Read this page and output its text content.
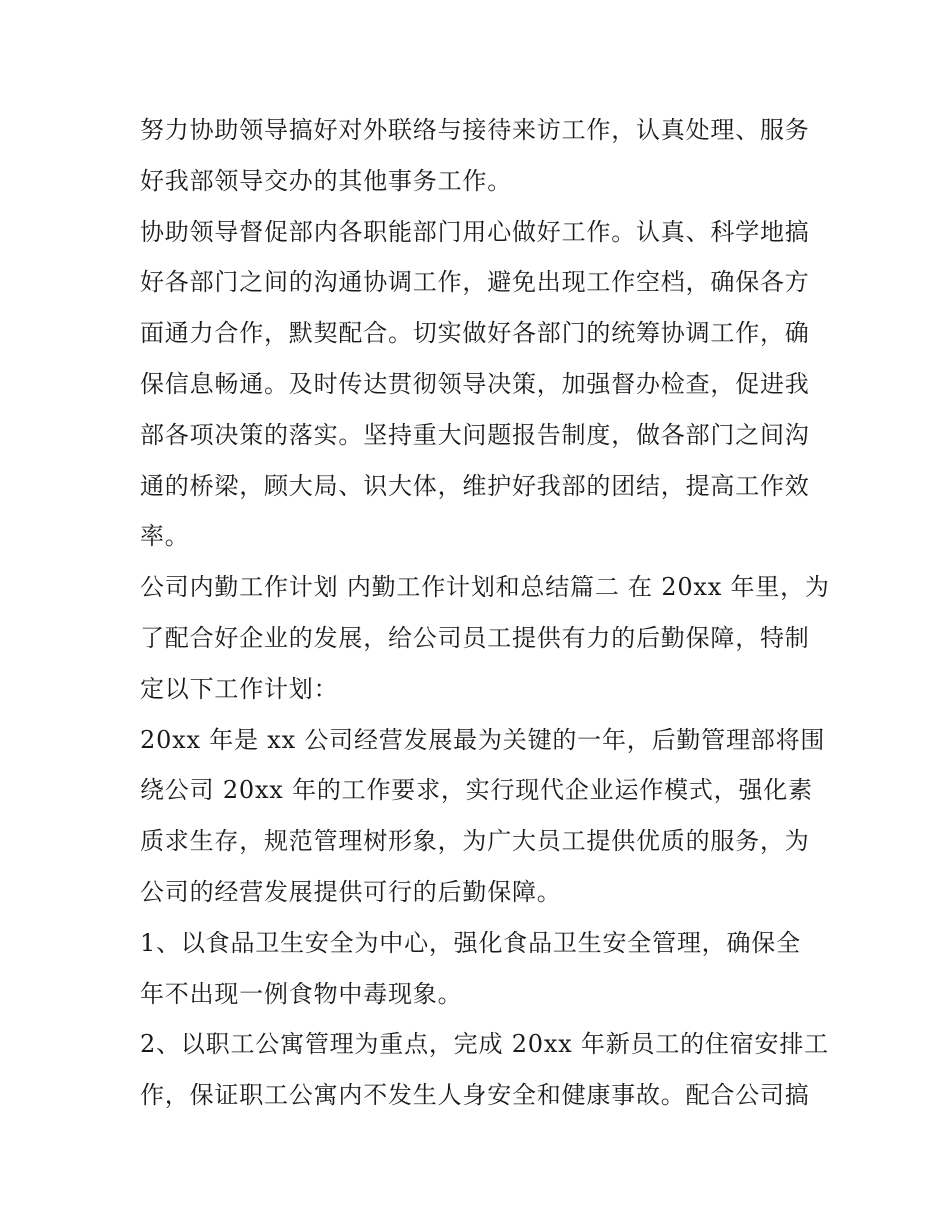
努力协助领导搞好对外联络与接待来访工作，认真处理、服务
好我部领导交办的其他事务工作。
协助领导督促部内各职能部门用心做好工作。认真、科学地搞
好各部门之间的沟通协调工作，避免出现工作空档，确保各方
面通力合作，默契配合。切实做好各部门的统筹协调工作，确
保信息畅通。及时传达贯彻领导决策，加强督办检查，促进我
部各项决策的落实。坚持重大问题报告制度，做各部门之间沟
通的桥梁，顾大局、识大体，维护好我部的团结，提高工作效
率。
公司内勤工作计划 内勤工作计划和总结篇二 在 20xx 年里，为
了配合好企业的发展，给公司员工提供有力的后勤保障，特制
定以下工作计划：
20xx 年是 xx 公司经营发展最为关键的一年，后勤管理部将围
绕公司 20xx 年的工作要求，实行现代企业运作模式，强化素
质求生存，规范管理树形象，为广大员工提供优质的服务，为
公司的经营发展提供可行的后勤保障。
1、以食品卫生安全为中心，强化食品卫生安全管理，确保全
年不出现一例食物中毒现象。
2、以职工公寓管理为重点，完成 20xx 年新员工的住宿安排工
作，保证职工公寓内不发生人身安全和健康事故。配合公司搞
